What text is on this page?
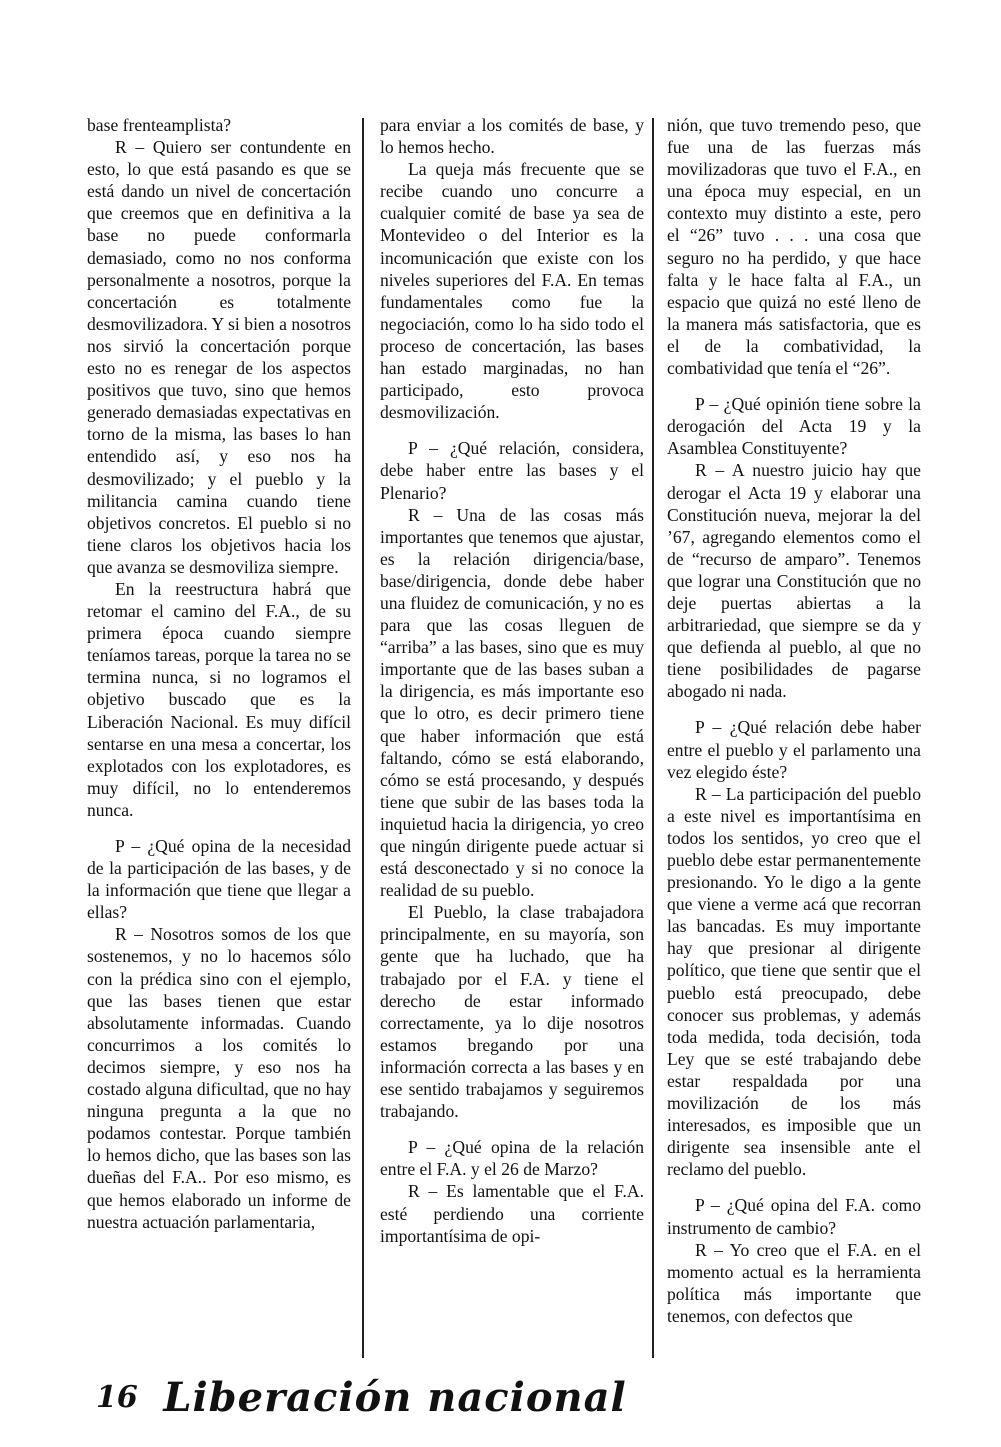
base frenteamplista?

R – Quiero ser contundente en esto, lo que está pasando es que se está dando un nivel de concertación que creemos que en definitiva a la base no puede conformarla demasiado, como no nos conforma personalmente a nosotros, porque la concertación es totalmente desmovilizadora. Y si bien a nosotros nos sirvió la concertación porque esto no es renegar de los aspectos positivos que tuvo, sino que hemos generado demasiadas expectativas en torno de la misma, las bases lo han entendido así, y eso nos ha desmovilizado; y el pueblo y la militancia camina cuando tiene objetivos concretos. El pueblo si no tiene claros los objetivos hacia los que avanza se desmoviliza siempre.

En la reestructura habrá que retomar el camino del F.A., de su primera época cuando siempre teníamos tareas, porque la tarea no se termina nunca, si no logramos el objetivo buscado que es la Liberación Nacional. Es muy difícil sentarse en una mesa a concertar, los explotados con los explotadores, es muy difícil, no lo entenderemos nunca.

P – ¿Qué opina de la necesidad de la participación de las bases, y de la información que tiene que llegar a ellas?

R – Nosotros somos de los que sostenemos, y no lo hacemos sólo con la prédica sino con el ejemplo, que las bases tienen que estar absolutamente informadas. Cuando concurrimos a los comités lo decimos siempre, y eso nos ha costado alguna dificultad, que no hay ninguna pregunta a la que no podamos contestar. Porque también lo hemos dicho, que las bases son las dueñas del F.A.. Por eso mismo, es que hemos elaborado un informe de nuestra actuación parlamentaria,

para enviar a los comités de base, y lo hemos hecho.

La queja más frecuente que se recibe cuando uno concurre a cualquier comité de base ya sea de Montevideo o del Interior es la incomunicación que existe con los niveles superiores del F.A. En temas fundamentales como fue la negociación, como lo ha sido todo el proceso de concertación, las bases han estado marginadas, no han participado, esto provoca desmovilización.

P – ¿Qué relación, considera, debe haber entre las bases y el Plenario?

R – Una de las cosas más importantes que tenemos que ajustar, es la relación dirigencia/base, base/dirigencia, donde debe haber una fluidez de comunicación, y no es para que las cosas lleguen de “arriba” a las bases, sino que es muy importante que de las bases suban a la dirigencia, es más importante eso que lo otro, es decir primero tiene que haber información que está faltando, cómo se está elaborando, cómo se está procesando, y después tiene que subir de las bases toda la inquietud hacia la dirigencia, yo creo que ningún dirigente puede actuar si está desconectado y si no conoce la realidad de su pueblo.

El Pueblo, la clase trabajadora principalmente, en su mayoría, son gente que ha luchado, que ha trabajado por el F.A. y tiene el derecho de estar informado correctamente, ya lo dije nosotros estamos bregando por una información correcta a las bases y en ese sentido trabajamos y seguiremos trabajando.

P – ¿Qué opina de la relación entre el F.A. y el 26 de Marzo?

R – Es lamentable que el F.A. esté perdiendo una corriente importantísima de opi-

nión, que tuvo tremendo peso, que fue una de las fuerzas más movilizadoras que tuvo el F.A., en una época muy especial, en un contexto muy distinto a este, pero el “26” tuvo . . . una cosa que seguro no ha perdido, y que hace falta y le hace falta al F.A., un espacio que quizá no esté lleno de la manera más satisfactoria, que es el de la combatividad, la combatividad que tenía el “26”.

P – ¿Qué opinión tiene sobre la derogación del Acta 19 y la Asamblea Constituyente?

R – A nuestro juicio hay que derogar el Acta 19 y elaborar una Constitución nueva, mejorar la del ’67, agregando elementos como el de “recurso de amparo”. Tenemos que lograr una Constitución que no deje puertas abiertas a la arbitrariedad, que siempre se da y que defienda al pueblo, al que no tiene posibilidades de pagarse abogado ni nada.

P – ¿Qué relación debe haber entre el pueblo y el parlamento una vez elegido éste?

R – La participación del pueblo a este nivel es importantísima en todos los sentidos, yo creo que el pueblo debe estar permanentemente presionando. Yo le digo a la gente que viene a verme acá que recorran las bancadas. Es muy importante hay que presionar al dirigente político, que tiene que sentir que el pueblo está preocupado, debe conocer sus problemas, y además toda medida, toda decisión, toda Ley que se esté trabajando debe estar respaldada por una movilización de los más interesados, es imposible que un dirigente sea insensible ante el reclamo del pueblo.

P – ¿Qué opina del F.A. como instrumento de cambio?

R – Yo creo que el F.A. en el momento actual es la herramienta política más importante que tenemos, con defectos que

16 Liberación nacional
